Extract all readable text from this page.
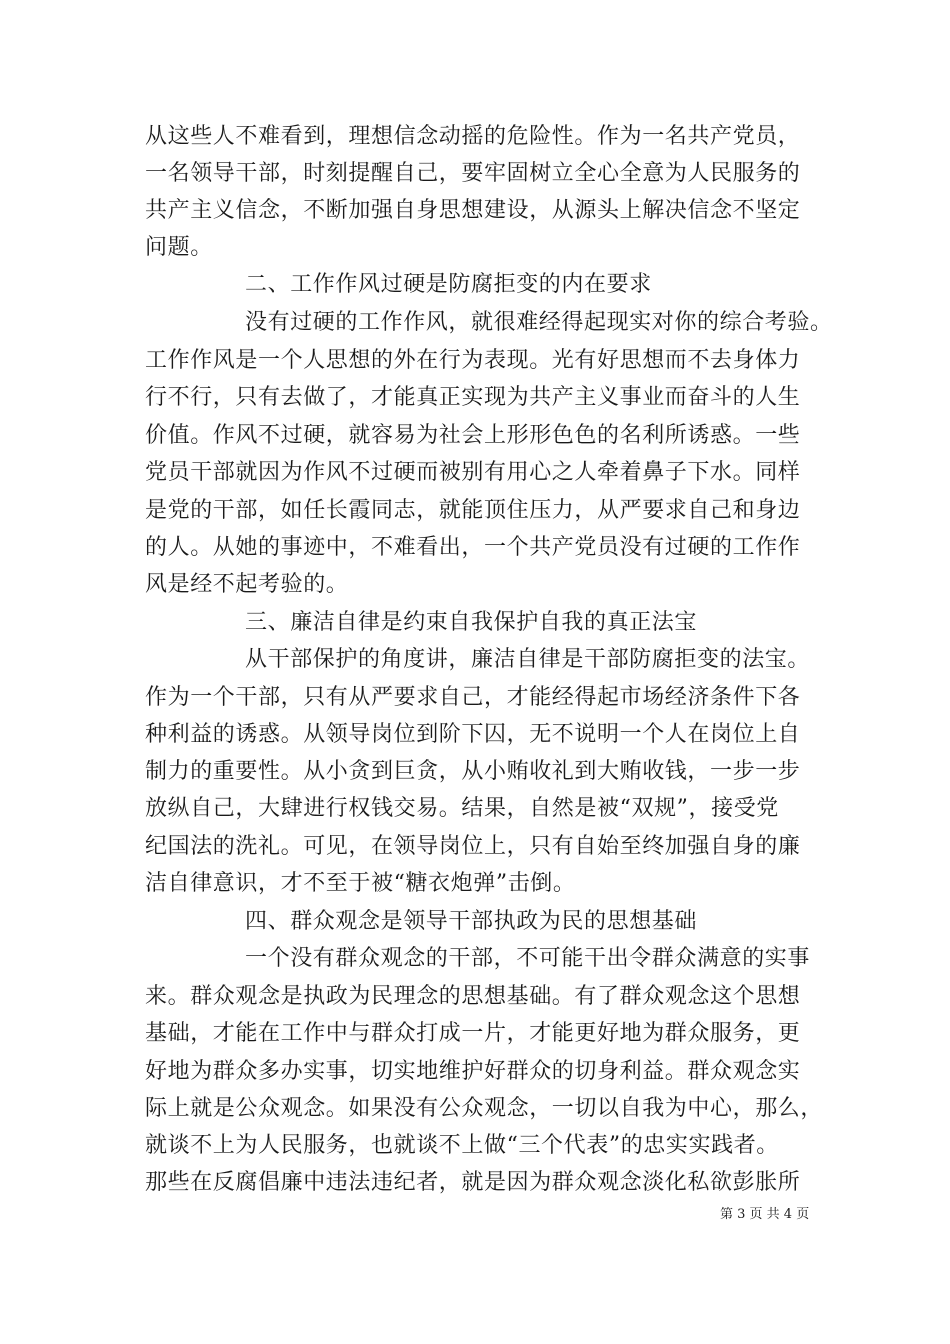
从这些人不难看到，理想信念动摇的危险性。作为一名共产党员，
一名领导干部，时刻提醒自己，要牢固树立全心全意为人民服务的
共产主义信念，不断加强自身思想建设，从源头上解决信念不坚定
问题。
二、工作作风过硬是防腐拒变的内在要求
没有过硬的工作作风，就很难经得起现实对你的综合考验。
工作作风是一个人思想的外在行为表现。光有好思想而不去身体力
行不行，只有去做了，才能真正实现为共产主义事业而奋斗的人生
价值。作风不过硬，就容易为社会上形形色色的名利所诱惑。一些
党员干部就因为作风不过硬而被别有用心之人牵着鼻子下水。同样
是党的干部，如任长霞同志，就能顶住压力，从严要求自己和身边
的人。从她的事迹中，不难看出，一个共产党员没有过硬的工作作
风是经不起考验的。
三、廉洁自律是约束自我保护自我的真正法宝
从干部保护的角度讲，廉洁自律是干部防腐拒变的法宝。
作为一个干部，只有从严要求自己，才能经得起市场经济条件下各
种利益的诱惑。从领导岗位到阶下囚，无不说明一个人在岗位上自
制力的重要性。从小贪到巨贪，从小贿收礼到大贿收钱，一步一步
放纵自己，大肆进行权钱交易。结果，自然是被“双规”，接受党
纪国法的洗礼。可见，在领导岗位上，只有自始至终加强自身的廉
洁自律意识，才不至于被“糖衣炮弹”击倒。
四、群众观念是领导干部执政为民的思想基础
一个没有群众观念的干部，不可能干出令群众满意的实事
来。群众观念是执政为民理念的思想基础。有了群众观念这个思想
基础，才能在工作中与群众打成一片，才能更好地为群众服务，更
好地为群众多办实事，切实地维护好群众的切身利益。群众观念实
际上就是公众观念。如果没有公众观念，一切以自我为中心，那么，
就谈不上为人民服务，也就谈不上做“三个代表”的忠实实践者。
那些在反腐倡廉中违法违纪者，就是因为群众观念淡化私欲彭胀所
第 3 页 共 4 页
